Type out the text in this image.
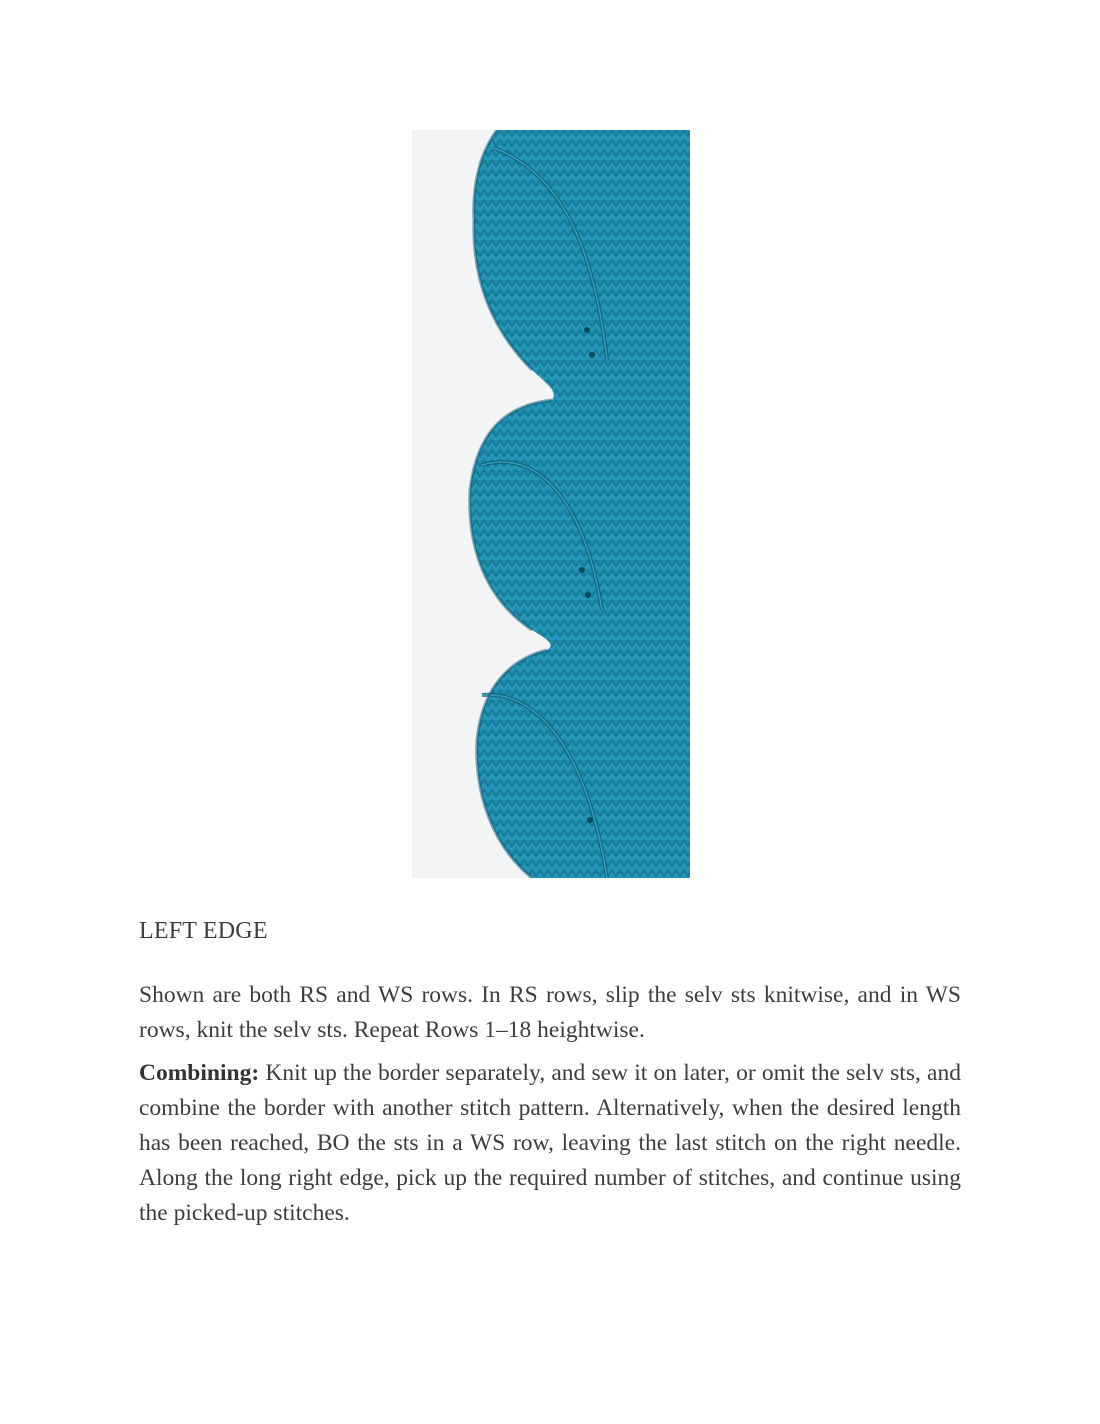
LEFT EDGE

Shown are both RS and WS rows. In RS rows, slip the selv sts knitwise, and in WS rows, knit the selv sts. Repeat Rows 1–18 heightwise.

Combining: Knit up the border separately, and sew it on later, or omit the selv sts, and combine the border with another stitch pattern. Alternatively, when the desired length has been reached, BO the sts in a WS row, leaving the last stitch on the right needle. Along the long right edge, pick up the required number of stitches, and continue using the picked-up stitches.
